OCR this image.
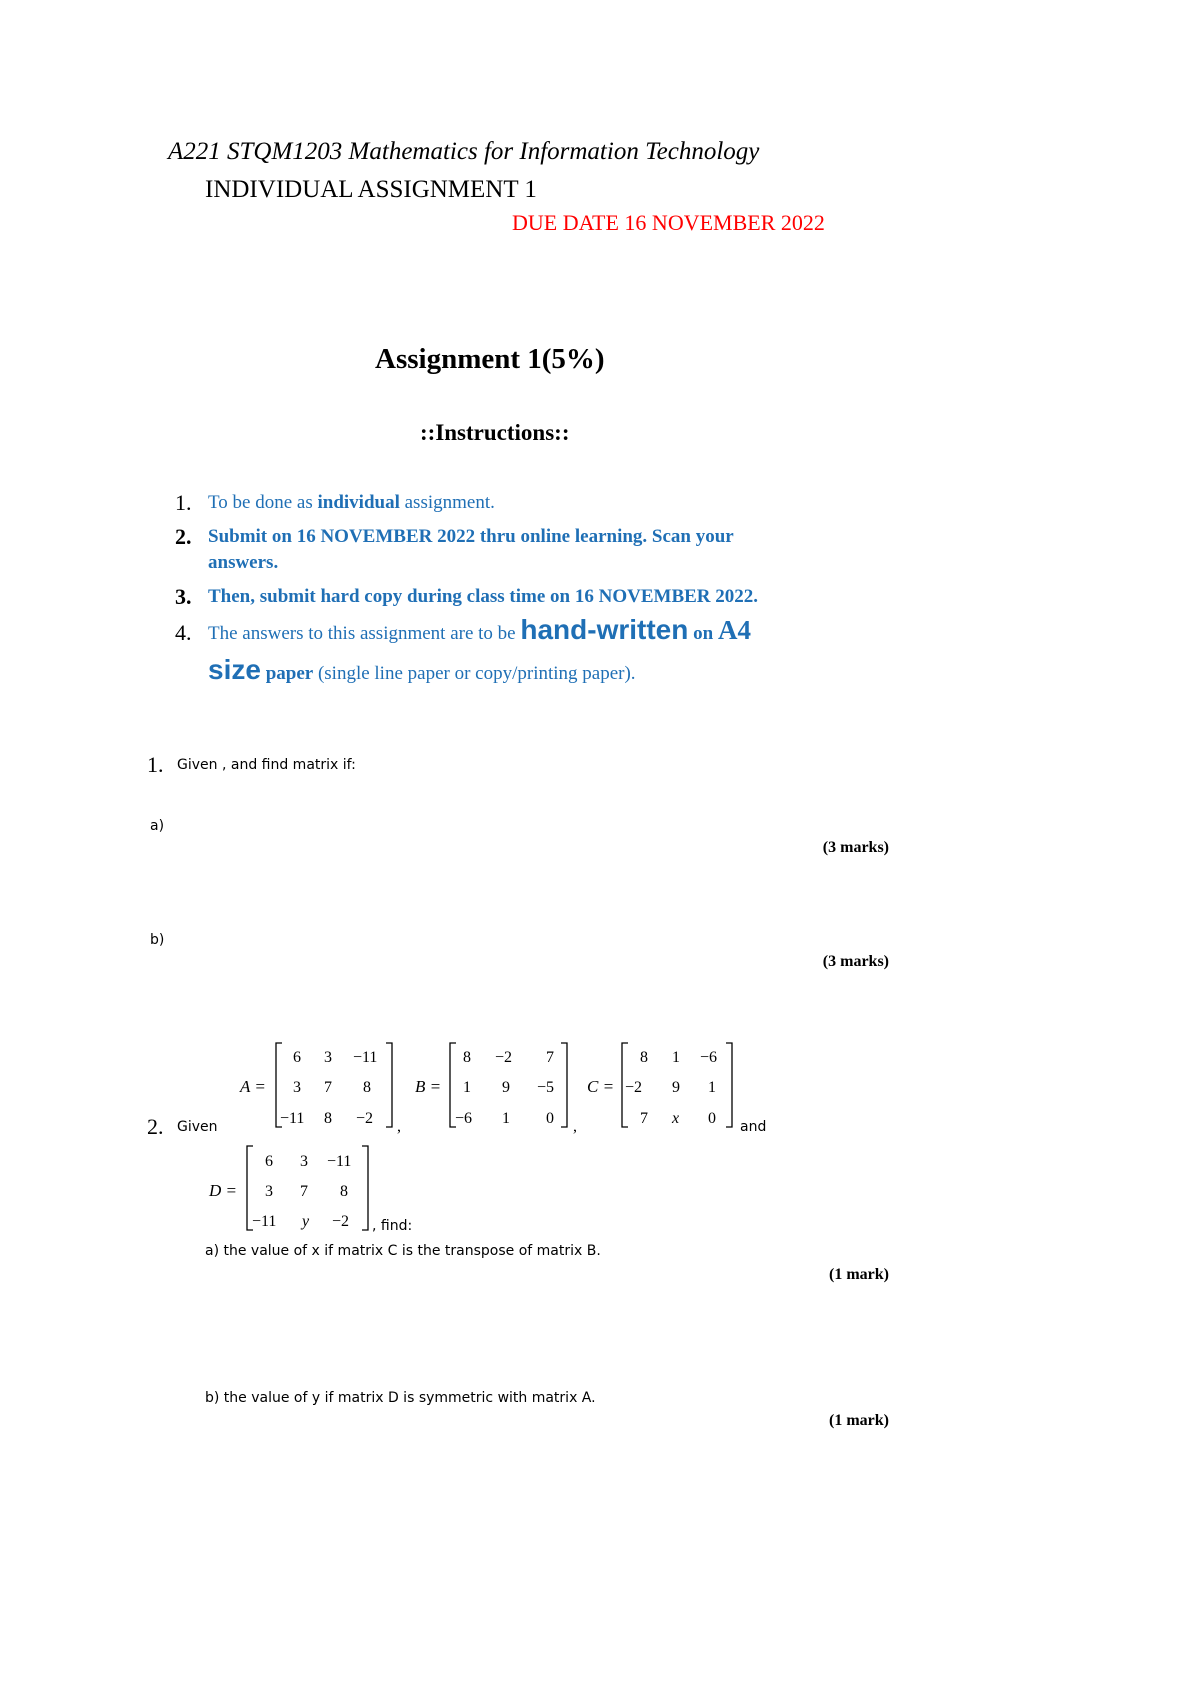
A221 STQM1203 Mathematics for Information Technology
INDIVIDUAL ASSIGNMENT 1
DUE DATE 16 NOVEMBER 2022
Assignment 1(5%)
::Instructions::
1. To be done as individual assignment.
2. Submit on 16 NOVEMBER 2022 thru online learning. Scan your
answers.
3. Then, submit hard copy during class time on 16 NOVEMBER 2022.
4. The answers to this assignment are to be hand-written on A4
size paper (single line paper or copy/printing paper).
1. Given , and find matrix if:
a)
(3 marks)
b)
(3 marks)
2. Given
A =
6 3 −11
3 7 8
−11 8 −2 ,
B =
8 −2 7
1 9 −5
−6 1 0 ,
C =
8 1 −6
−2 9 1
7 x 0 and
D =
6 3 −11
3 7 8
−11 y −2 , find:
a) the value of x if matrix C is the transpose of matrix B.
(1 mark)
b) the value of y if matrix D is symmetric with matrix A.
(1 mark)
